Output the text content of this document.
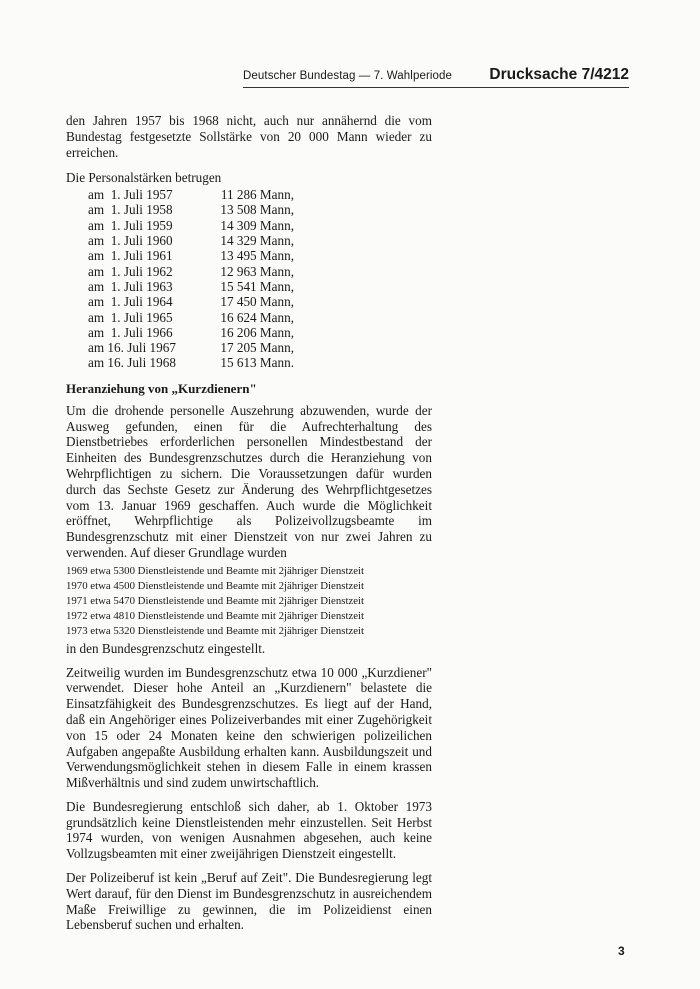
Deutscher Bundestag — 7. Wahlperiode Drucksache 7/4212

den Jahren 1957 bis 1968 nicht, auch nur annähernd die vom Bundestag festgesetzte Sollstärke von 20 000 Mann wieder zu erreichen.

Die Personalstärken betrugen

am  1. Juli 1957	11 286 Mann,
am  1. Juli 1958	13 508 Mann,
am  1. Juli 1959	14 309 Mann,
am  1. Juli 1960	14 329 Mann,
am  1. Juli 1961	13 495 Mann,
am  1. Juli 1962	12 963 Mann,
am  1. Juli 1963	15 541 Mann,
am  1. Juli 1964	17 450 Mann,
am  1. Juli 1965	16 624 Mann,
am  1. Juli 1966	16 206 Mann,
am 16. Juli 1967	17 205 Mann,
am 16. Juli 1968	15 613 Mann.
Heranziehung von „Kurzdienern"

Um die drohende personelle Auszehrung abzuwenden, wurde der Ausweg gefunden, einen für die Aufrechterhaltung des Dienstbetriebes erforderlichen personellen Mindestbestand der Einheiten des Bundesgrenzschutzes durch die Heranziehung von Wehrpflichtigen zu sichern. Die Voraussetzungen dafür wurden durch das Sechste Gesetz zur Änderung des Wehrpflichtgesetzes vom 13. Januar 1969 geschaffen. Auch wurde die Möglichkeit eröffnet, Wehrpflichtige als Polizeivollzugsbeamte im Bundesgrenzschutz mit einer Dienstzeit von nur zwei Jahren zu verwenden. Auf dieser Grundlage wurden

1969 etwa 5300 Dienstleistende und Beamte mit 2jähriger Dienstzeit
1970 etwa 4500 Dienstleistende und Beamte mit 2jähriger Dienstzeit
1971 etwa 5470 Dienstleistende und Beamte mit 2jähriger Dienstzeit
1972 etwa 4810 Dienstleistende und Beamte mit 2jähriger Dienstzeit
1973 etwa 5320 Dienstleistende und Beamte mit 2jähriger Dienstzeit

in den Bundesgrenzschutz eingestellt.

Zeitweilig wurden im Bundesgrenzschutz etwa 10 000 „Kurzdiener" verwendet. Dieser hohe Anteil an „Kurzdienern" belastete die Einsatzfähigkeit des Bundesgrenzschutzes. Es liegt auf der Hand, daß ein Angehöriger eines Polizeiverbandes mit einer Zugehörigkeit von 15 oder 24 Monaten keine den schwierigen polizeilichen Aufgaben angepaßte Ausbildung erhalten kann. Ausbildungszeit und Verwendungsmöglichkeit stehen in diesem Falle in einem krassen Mißverhältnis und sind zudem unwirtschaftlich.

Die Bundesregierung entschloß sich daher, ab 1. Oktober 1973 grundsätzlich keine Dienstleistenden mehr einzustellen. Seit Herbst 1974 wurden, von wenigen Ausnahmen abgesehen, auch keine Vollzugsbeamten mit einer zweijährigen Dienstzeit eingestellt.

Der Polizeiberuf ist kein „Beruf auf Zeit". Die Bundesregierung legt Wert darauf, für den Dienst im Bundesgrenzschutz in ausreichendem Maße Freiwillige zu gewinnen, die im Polizeidienst einen Lebensberuf suchen und erhalten.

3
